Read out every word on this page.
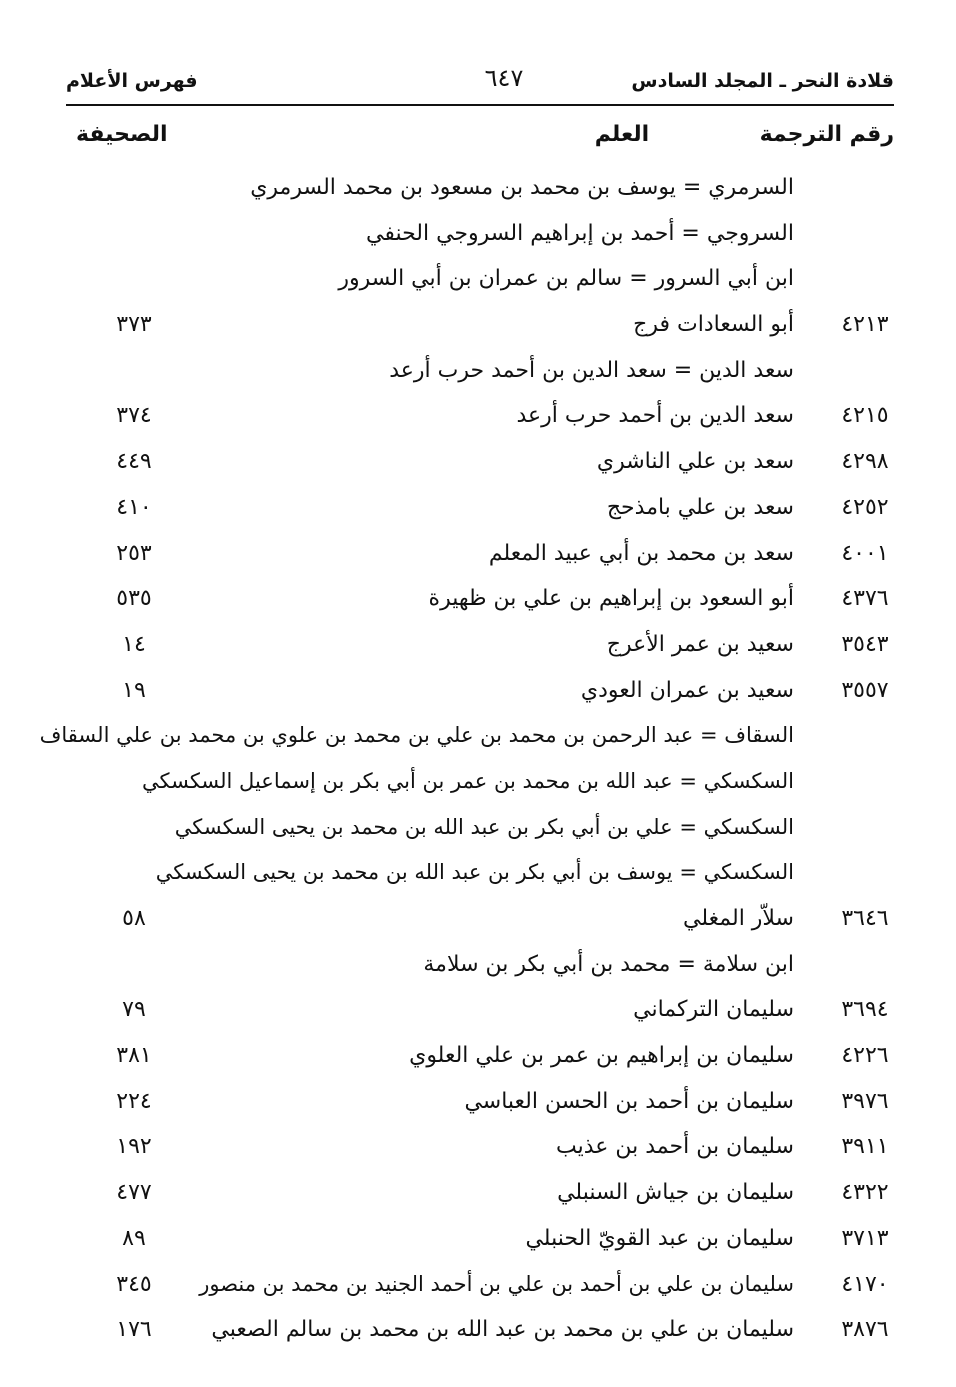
قلادة النحر ـ المجلد السادس
٦٤٧
فهرس الأعلام
رقم الترجمة
العلم
الصحيفة
السرمري = يوسف بن محمد بن مسعود بن محمد السرمري
السروجي = أحمد بن إبراهيم السروجي الحنفي
ابن أبي السرور = سالم بن عمران بن أبي السرور
٤٢١٣
أبو السعادات فرج
٣٧٣
سعد الدين = سعد الدين بن أحمد حرب أرعد
٤٢١٥
سعد الدين بن أحمد حرب أرعد
٣٧٤
٤٢٩٨
سعد بن علي الناشري
٤٤٩
٤٢٥٢
سعد بن علي بامذحج
٤١٠
٤٠٠١
سعد بن محمد بن أبي عبيد المعلم
٢٥٣
٤٣٧٦
أبو السعود بن إبراهيم بن علي بن ظهيرة
٥٣٥
٣٥٤٣
سعيد بن عمر الأعرج
١٤
٣٥٥٧
سعيد بن عمران العودي
١٩
السقاف = عبد الرحمن بن محمد بن علي بن محمد بن علوي بن محمد بن علي السقاف
السكسكي = عبد الله بن محمد بن عمر بن أبي بكر بن إسماعيل السكسكي
السكسكي = علي بن أبي بكر بن عبد الله بن محمد بن يحيى السكسكي
السكسكي = يوسف بن أبي بكر بن عبد الله بن محمد بن يحيى السكسكي
٣٦٤٦
سلاّر المغلي
٥٨
ابن سلامة = محمد بن أبي بكر بن سلامة
٣٦٩٤
سليمان التركماني
٧٩
٤٢٢٦
سليمان بن إبراهيم بن عمر بن علي العلوي
٣٨١
٣٩٧٦
سليمان بن أحمد بن الحسن العباسي
٢٢٤
٣٩١١
سليمان بن أحمد بن عذيب
١٩٢
٤٣٢٢
سليمان بن جياش السنبلي
٤٧٧
٣٧١٣
سليمان بن عبد القويّ الحنبلي
٨٩
٤١٧٠
سليمان بن علي بن أحمد بن علي بن أحمد الجنيد بن محمد بن منصور
٣٤٥
٣٨٧٦
سليمان بن علي بن محمد بن عبد الله بن محمد بن سالم الصعبي
١٧٦
